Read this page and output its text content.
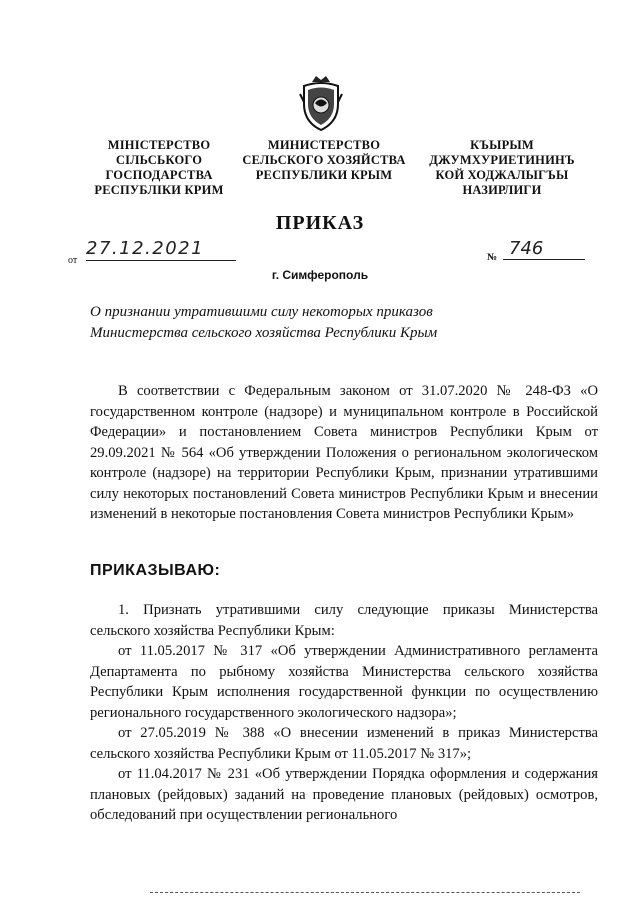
МІНІСТЕРСТВО
СІЛЬСЬКОГО
ГОСПОДАРСТВА
РЕСПУБЛІКИ КРИМ
МИНИСТЕРСТВО
СЕЛЬСКОГО ХОЗЯЙСТВА
РЕСПУБЛИКИ КРЫМ
КЪЫРЫМ
ДЖУМХУРИЕТИНИНЪ
КОЙ ХОДЖАЛЫГЪЫ
НАЗИРЛИГИ
ПРИКАЗ
от
27.12.2021	№ 746
г. Симферополь
О признании утратившими силу некоторых приказов
Министерства сельского хозяйства Республики Крым

В соответствии с Федеральным законом от 31.07.2020 № 248-ФЗ «О государственном контроле (надзоре) и муниципальном контроле в Российской Федерации» и постановлением Совета министров Республики Крым от 29.09.2021 № 564 «Об утверждении Положения о региональном экологическом контроле (надзоре) на территории Республики Крым, признании утратившими силу некоторых постановлений Совета министров Республики Крым и внесении изменений в некоторые постановления Совета министров Республики Крым»

ПРИКАЗЫВАЮ:

1. Признать утратившими силу следующие приказы Министерства сельского хозяйства Республики Крым:

от 11.05.2017 № 317 «Об утверждении Административного регламента Департамента по рыбному хозяйства Министерства сельского хозяйства Республики Крым исполнения государственной функции по осуществлению регионального государственного экологического надзора»;

от 27.05.2019 № 388 «О внесении изменений в приказ Министерства сельского хозяйства Республики Крым от 11.05.2017 № 317»;

от 11.04.2017 № 231 «Об утверждении Порядка оформления и содержания плановых (рейдовых) заданий на проведение плановых (рейдовых) осмотров, обследований при осуществлении регионального
